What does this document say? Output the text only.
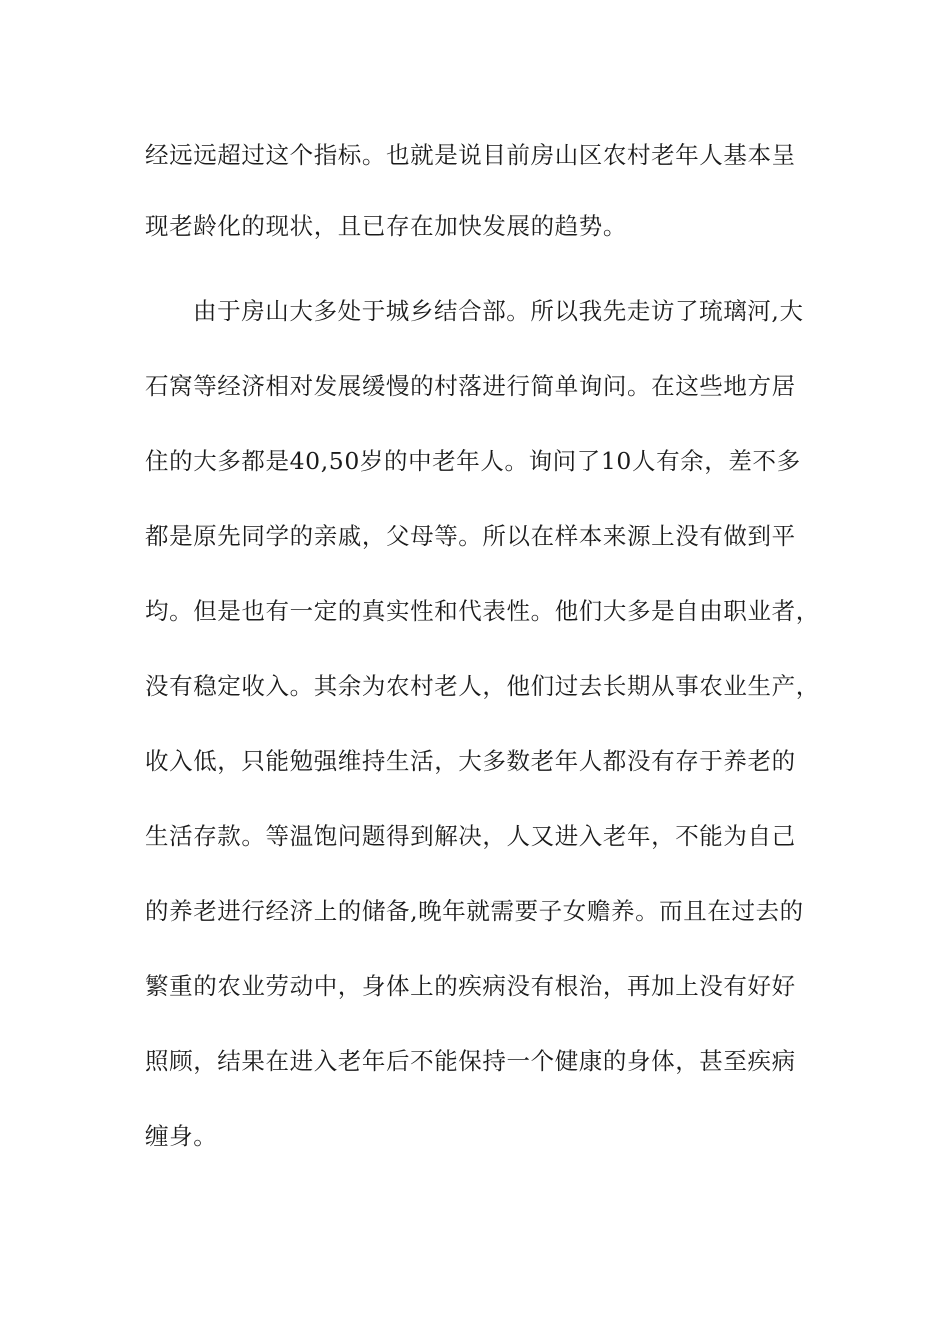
经远远超过这个指标。也就是说目前房山区农村老年人基本呈
现老龄化的现状，且已存在加快发展的趋势。
由于房山大多处于城乡结合部。所以我先走访了琉璃河,大
石窝等经济相对发展缓慢的村落进行简单询问。在这些地方居
住的大多都是40,50岁的中老年人。询问了10人有余，差不多
都是原先同学的亲戚，父母等。所以在样本来源上没有做到平
均。但是也有一定的真实性和代表性。他们大多是自由职业者，
没有稳定收入。其余为农村老人，他们过去长期从事农业生产，
收入低，只能勉强维持生活，大多数老年人都没有存于养老的
生活存款。等温饱问题得到解决，人又进入老年，不能为自己
的养老进行经济上的储备,晚年就需要子女赡养。而且在过去的
繁重的农业劳动中，身体上的疾病没有根治，再加上没有好好
照顾，结果在进入老年后不能保持一个健康的身体，甚至疾病
缠身。
